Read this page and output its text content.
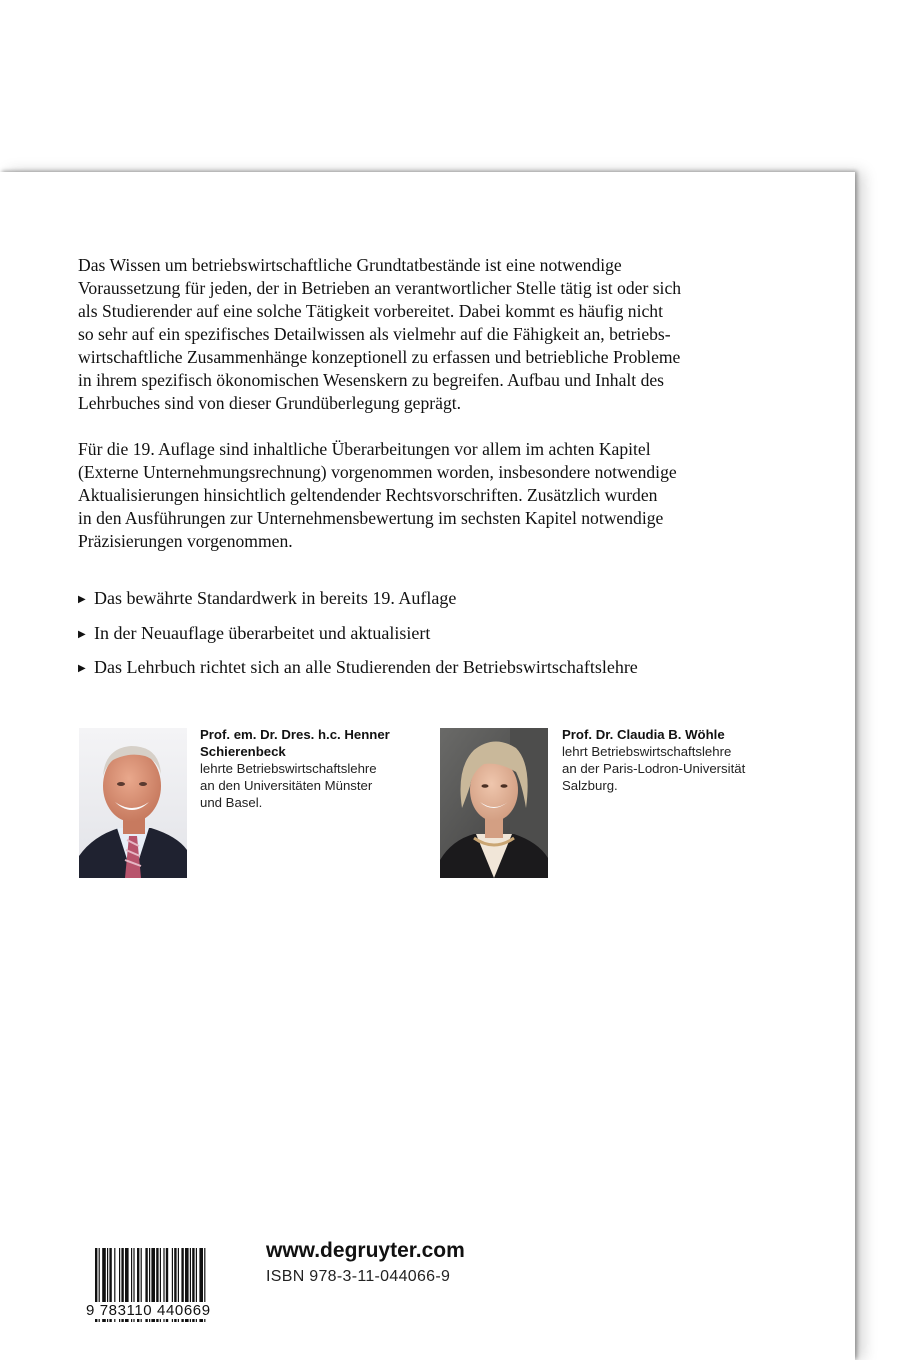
Das Wissen um betriebswirtschaftliche Grundtatbestände ist eine notwendige
Voraussetzung für jeden, der in Betrieben an verantwortlicher Stelle tätig ist oder sich
als Studierender auf eine solche Tätigkeit vorbereitet. Dabei kommt es häufig nicht
so sehr auf ein spezifisches Detailwissen als vielmehr auf die Fähigkeit an, betriebs-
wirtschaftliche Zusammenhänge konzeptionell zu erfassen und betriebliche Probleme
in ihrem spezifisch ökonomischen Wesenskern zu begreifen. Aufbau und Inhalt des
Lehrbuches sind von dieser Grundüberlegung geprägt.

Für die 19. Auflage sind inhaltliche Überarbeitungen vor allem im achten Kapitel
(Externe Unternehmungsrechnung) vorgenommen worden, insbesondere notwendige
Aktualisierungen hinsichtlich geltendender Rechtsvorschriften. Zusätzlich wurden
in den Ausführungen zur Unternehmensbewertung im sechsten Kapitel notwendige
Präzisierungen vorgenommen.

▶ Das bewährte Standardwerk in bereits 19. Auflage
▶ In der Neuauflage überarbeitet und aktualisiert
▶ Das Lehrbuch richtet sich an alle Studierenden der Betriebswirtschaftslehre
Prof. em. Dr. Dres. h.c. Henner
Schierenbeck
lehrte Betriebswirtschaftslehre
an den Universitäten Münster
und Basel.
Prof. Dr. Claudia B. Wöhle
lehrt Betriebswirtschaftslehre
an der Paris-Lodron-Universität
Salzburg.
9 783110 440669
www.degruyter.com
ISBN 978-3-11-044066-9
